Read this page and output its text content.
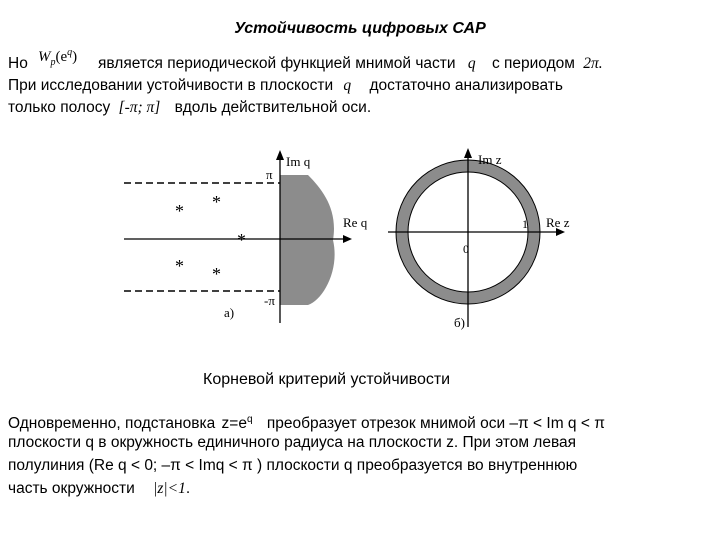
Устойчивость цифровых САР
Но $W_p(e^q)$ является периодической функцией мнимой части q с периодом 2π.
При исследовании устойчивости в плоскости q достаточно анализировать
только полосу [-π; π] вдоль действительной оси.
Im q
Re q
π
-π
* *
*
* *
а)
Im z
Re z
1
0
б)
Корневой критерий устойчивости
Одновременно, подстановка $z=e^q$ преобразует отрезок мнимой оси –π < Im q < π
плоскости q в окружность единичного радиуса на плоскости z. При этом левая
полулиния (Re q < 0; –π < Imq < π ) плоскости q преобразуется во внутреннюю
часть окружности |z|<1.
